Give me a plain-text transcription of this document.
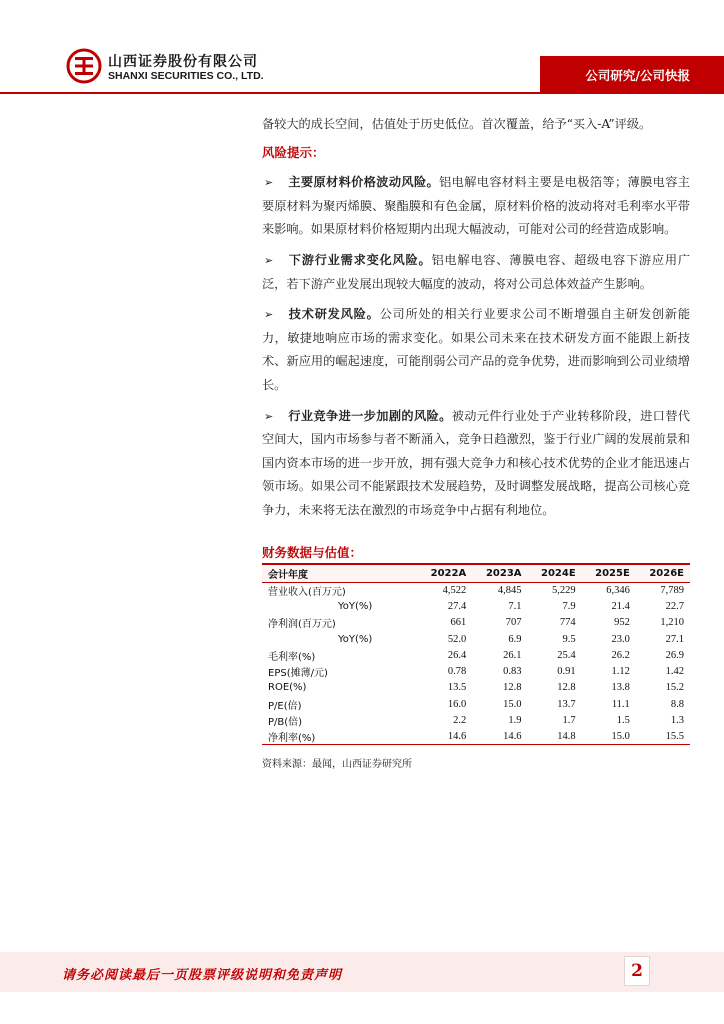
山西证券股份有限公司
SHANXI SECURITIES CO., LTD.	公司研究/公司快报

备较大的成长空间，估值处于历史低位。首次覆盖，给予“买入-A”评级。

风险提示：

➢ 主要原材料价格波动风险。铝电解电容材料主要是电极箔等；薄膜电容主要原材料为聚丙烯膜、聚酯膜和有色金属，原材料价格的波动将对毛利率水平带来影响。如果原材料价格短期内出现大幅波动，可能对公司的经营造成影响。

➢ 下游行业需求变化风险。铝电解电容、薄膜电容、超级电容下游应用广泛，若下游产业发展出现较大幅度的波动，将对公司总体效益产生影响。

➢ 技术研发风险。公司所处的相关行业要求公司不断增强自主研发创新能力，敏捷地响应市场的需求变化。如果公司未来在技术研发方面不能跟上新技术、新应用的崛起速度，可能削弱公司产品的竞争优势，进而影响到公司业绩增长。

➢ 行业竞争进一步加剧的风险。被动元件行业处于产业转移阶段，进口替代空间大，国内市场参与者不断涌入，竞争日趋激烈，鉴于行业广阔的发展前景和国内资本市场的进一步开放，拥有强大竞争力和核心技术优势的企业才能迅速占领市场。如果公司不能紧跟技术发展趋势，及时调整发展战略，提高公司核心竞争力，未来将无法在激烈的市场竞争中占据有利地位。

财务数据与估值：
会计年度	2022A	2023A	2024E	2025E	2026E
营业收入(百万元)	4,522	4,845	5,229	6,346	7,789
YoY(%)	27.4	7.1	7.9	21.4	22.7
净利润(百万元)	661	707	774	952	1,210
YoY(%)	52.0	6.9	9.5	23.0	27.1
毛利率(%)	26.4	26.1	25.4	26.2	26.9
EPS(摊薄/元)	0.78	0.83	0.91	1.12	1.42
ROE(%)	13.5	12.8	12.8	13.8	15.2
P/E(倍)	16.0	15.0	13.7	11.1	8.8
P/B(倍)	2.2	1.9	1.7	1.5	1.3
净利率(%)	14.6	14.6	14.8	15.0	15.5
资料来源：最闻，山西证券研究所
请务必阅读最后一页股票评级说明和免责声明	2
